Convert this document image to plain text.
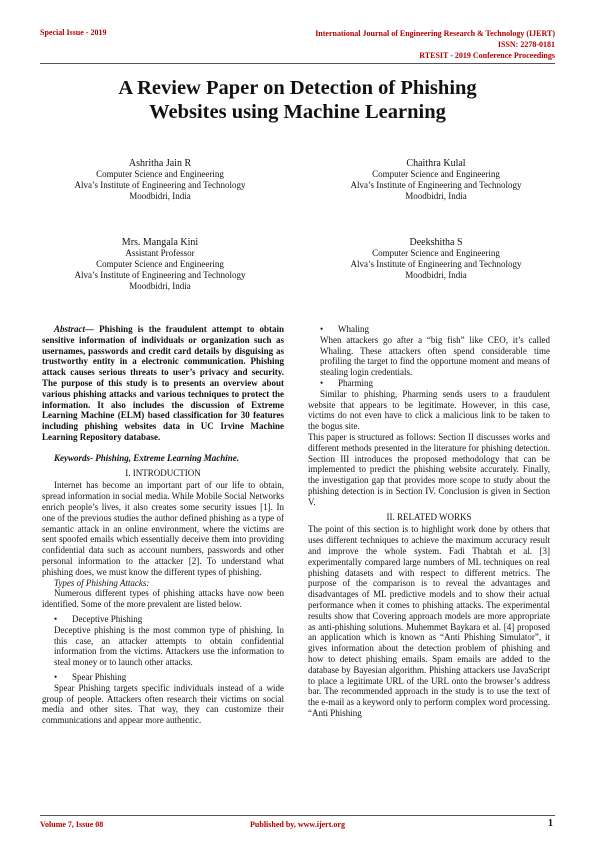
Special Issue - 2019	International Journal of Engineering Research & Technology (IJERT)
ISSN: 2278-0181
RTESIT - 2019 Conference Proceedings
A Review Paper on Detection of Phishing
Websites using Machine Learning
Ashritha Jain R
Computer Science and Engineering
Alva’s Institute of Engineering and Technology
Moodbidri, India
Chaithra Kulal
Computer Science and Engineering
Alva’s Institute of Engineering and Technology
Moodbidri, India
Mrs. Mangala Kini
Assistant Professor
Computer Science and Engineering
Alva’s Institute of Engineering and Technology
Moodbidri, India
Deekshitha S
Computer Science and Engineering
Alva’s Institute of Engineering and Technology
Moodbidri, India

Abstract— Phishing is the fraudulent attempt to obtain sensitive information of individuals or organization such as usernames, passwords and credit card details by disguising as trustworthy entity in a electronic communication. Phishing attack causes serious threats to user’s privacy and security. The purpose of this study is to presents an overview about various phishing attacks and various techniques to protect the information. It also includes the discussion of Extreme Learning Machine (ELM) based classification for 30 features including phishing websites data in UC Irvine Machine Learning Repository database.

Keywords- Phishing, Extreme Learning Machine.

I. INTRODUCTION

Internet has become an important part of our life to obtain, spread information in social media. While Mobile Social Networks enrich people’s lives, it also creates some security issues [1]. In one of the previous studies the author defined phishing as a type of semantic attack in an online environment, where the victims are sent spoofed emails which essentially deceive them into providing confidential data such as account numbers, passwords and other personal information to the attacker [2]. To understand what phishing does, we must know the different types of phishing.

Types of Phishing Attacks:

Numerous different types of phishing attacks have now been identified. Some of the more prevalent are listed below.

• Deceptive Phishing

Deceptive phishing is the most common type of phishing. In this case, an attacker attempts to obtain confidential information from the victims. Attackers use the information to steal money or to launch other attacks.

• Spear Phishing

Spear Phishing targets specific individuals instead of a wide group of people. Attackers often research their victims on social media and other sites. That way, they can customize their communications and appear more authentic.

• Whaling

When attackers go after a “big fish” like CEO, it’s called Whaling. These attackers often spend considerable time profiling the target to find the opportune moment and means of stealing login credentials.

• Pharming

Similar to phishing, Pharming sends users to a fraudulent website that appears to be legitimate. However, in this case, victims do not even have to click a malicious link to be taken to the bogus site.

This paper is structured as follows: Section II discusses works and different methods presented in the literature for phishing detection. Section III introduces the proposed methodology that can be implemented to predict the phishing website accurately. Finally, the investigation gap that provides more scope to study about the phishing detection is in Section IV. Conclusion is given in Section V.

II. RELATED WORKS

The point of this section is to highlight work done by others that uses different techniques to achieve the maximum accuracy result and improve the whole system. Fadi Thabtah et al. [3] experimentally compared large numbers of ML techniques on real phishing datasets and with respect to different metrics. The purpose of the comparison is to reveal the advantages and disadvantages of ML predictive models and to show their actual performance when it comes to phishing attacks. The experimental results show that Covering approach models are more appropriate as anti-phishing solutions. Muhemmet Baykara et al. [4] proposed an application which is known as “Anti Phishing Simulator”, it gives information about the detection problem of phishing and how to detect phishing emails. Spam emails are added to the database by Bayesian algorithm. Phishing attackers use JavaScript to place a legitimate URL of the URL onto the browser’s address bar. The recommended approach in the study is to use the text of the e-mail as a keyword only to perform complex word processing. “Anti Phishing

Volume 7, Issue 08	Published by, www.ijert.org	1
